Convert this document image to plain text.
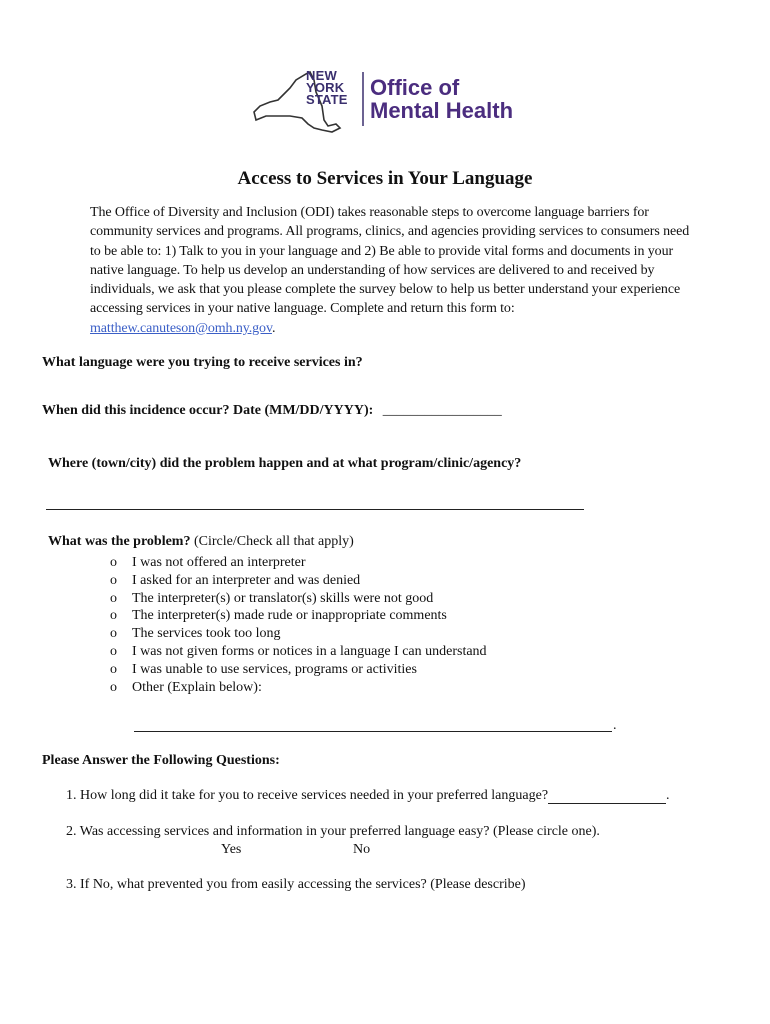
NEW
YORK
STATE Office of
Mental Health
Access to Services in Your Language
The Office of Diversity and Inclusion (ODI) takes reasonable steps to overcome language barriers for community services and programs. All programs, clinics, and agencies providing services to consumers need to be able to: 1) Talk to you in your language and 2) Be able to provide vital forms and documents in your native language. To help us develop an understanding of how services are delivered to and received by individuals, we ask that you please complete the survey below to help us better understand your experience accessing services in your native language. Complete and return this form to: matthew.canuteson@omh.ny.gov.
What language were you trying to receive services in?
When did this incidence occur? Date (MM/DD/YYYY): _________________
Where (town/city) did the problem happen and at what program/clinic/agency?
What was the problem? (Circle/Check all that apply)
o I was not offered an interpreter
o I asked for an interpreter and was denied
o The interpreter(s) or translator(s) skills were not good
o The interpreter(s) made rude or inappropriate comments
o The services took too long
o I was not given forms or notices in a language I can understand
o I was unable to use services, programs or activities
o Other (Explain below):
.
Please Answer the Following Questions:
1. How long did it take for you to receive services needed in your preferred language?	.
2. Was accessing services and information in your preferred language easy? (Please circle one).
Yes	No
3. If No, what prevented you from easily accessing the services? (Please describe)
